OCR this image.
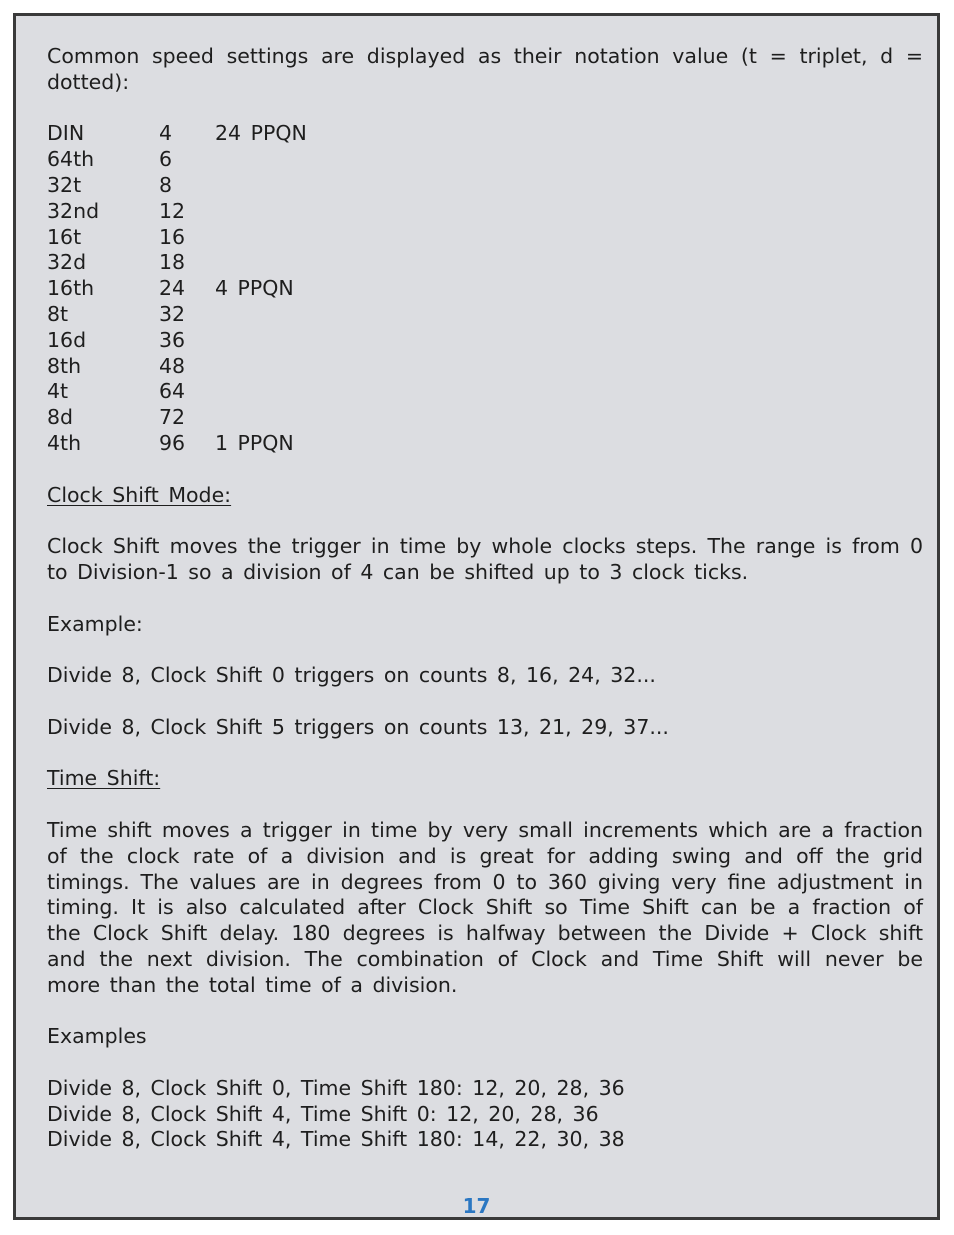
Common speed settings are displayed as their notation value (t = triplet, d = dotted):

DIN	4	24 PPQN
64th	6
32t	8
32nd	12
16t	16
32d	18
16th	24	4 PPQN
8t	32
16d	36
8th	48
4t	64
8d	72
4th	96	1 PPQN

Clock Shift Mode:

Clock Shift moves the trigger in time by whole clocks steps. The range is from 0 to Division-1 so a division of 4 can be shifted up to 3 clock ticks.

Example:

Divide 8, Clock Shift 0 triggers on counts 8, 16, 24, 32...

Divide 8, Clock Shift 5 triggers on counts 13, 21, 29, 37...

Time Shift:

Time shift moves a trigger in time by very small increments which are a fraction of the clock rate of a division and is great for adding swing and off the grid timings. The values are in degrees from 0 to 360 giving very fine adjustment in timing. It is also calculated after Clock Shift so Time Shift can be a fraction of the Clock Shift delay. 180 degrees is halfway between the Divide + Clock shift and the next division. The combination of Clock and Time Shift will never be more than the total time of a division.

Examples

Divide 8, Clock Shift 0, Time Shift 180: 12, 20, 28, 36

Divide 8, Clock Shift 4, Time Shift 0: 12, 20, 28, 36

Divide 8, Clock Shift 4, Time Shift 180: 14, 22, 30, 38

17
